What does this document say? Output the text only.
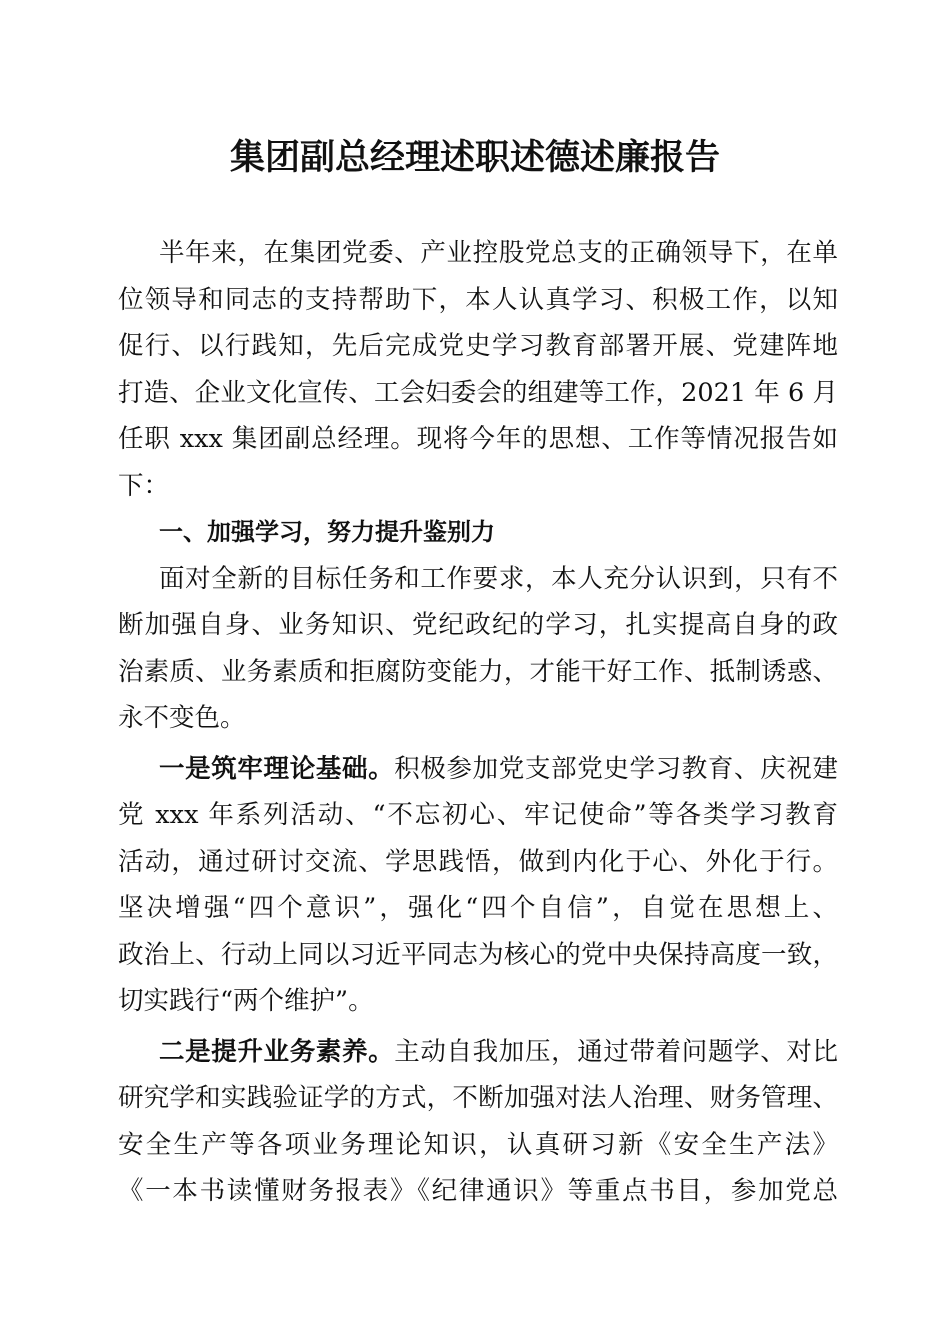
集团副总经理述职述德述廉报告
半年来，在集团党委、产业控股党总支的正确领导下，在单
位领导和同志的支持帮助下，本人认真学习、积极工作，以知
促行、以行践知，先后完成党史学习教育部署开展、党建阵地
打造、企业文化宣传、工会妇委会的组建等工作，2021 年 6 月
任职 xxx 集团副总经理。现将今年的思想、工作等情况报告如
下：
一、加强学习，努力提升鉴别力
面对全新的目标任务和工作要求，本人充分认识到，只有不
断加强自身、业务知识、党纪政纪的学习，扎实提高自身的政
治素质、业务素质和拒腐防变能力，才能干好工作、抵制诱惑、
永不变色。
一是筑牢理论基础。积极参加党支部党史学习教育、庆祝建
党 xxx 年系列活动、“不忘初心、牢记使命”等各类学习教育
活动，通过研讨交流、学思践悟，做到内化于心、外化于行。
坚决增强“四个意识”，强化“四个自信”，自觉在思想上、
政治上、行动上同以习近平同志为核心的党中央保持高度一致，
切实践行“两个维护”。
二是提升业务素养。主动自我加压，通过带着问题学、对比
研究学和实践验证学的方式，不断加强对法人治理、财务管理、
安全生产等各项业务理论知识，认真研习新《安全生产法》
《一本书读懂财务报表》《纪律通识》等重点书目，参加党总
